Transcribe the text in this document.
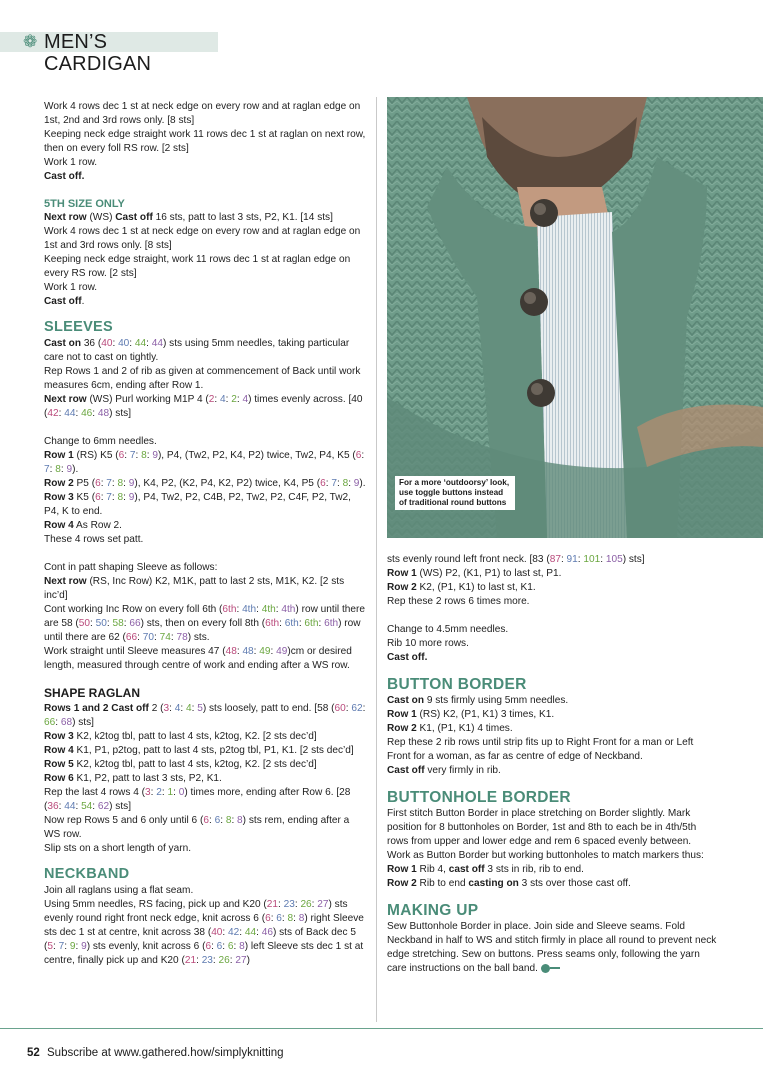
❁ MEN’S CARDIGAN

Work 4 rows dec 1 st at neck edge on every row and at raglan edge on 1st, 2nd and 3rd rows only. [8 sts]

Keeping neck edge straight work 11 rows dec 1 st at raglan on next row, then on every foll RS row. [2 sts]

Work 1 row.

Cast off.

5TH SIZE ONLY

Next row (WS) Cast off 16 sts, patt to last 3 sts, P2, K1. [14 sts]

Work 4 rows dec 1 st at neck edge on every row and at raglan edge on 1st and 3rd rows only. [8 sts]

Keeping neck edge straight, work 11 rows dec 1 st at raglan edge on every RS row. [2 sts]

Work 1 row.

Cast off.

SLEEVES

Cast on 36 (40: 40: 44: 44) sts using 5mm needles, taking particular care not to cast on tightly.

Rep Rows 1 and 2 of rib as given at commencement of Back until work measures 6cm, ending after Row 1.

Next row (WS) Purl working M1P 4 (2: 4: 2: 4) times evenly across. [40 (42: 44: 46: 48) sts]

Change to 6mm needles.

Row 1 (RS) K5 (6: 7: 8: 9), P4, (Tw2, P2, K4, P2) twice, Tw2, P4, K5 (6: 7: 8: 9).

Row 2 P5 (6: 7: 8: 9), K4, P2, (K2, P4, K2, P2) twice, K4, P5 (6: 7: 8: 9).

Row 3 K5 (6: 7: 8: 9), P4, Tw2, P2, C4B, P2, Tw2, P2, C4F, P2, Tw2, P4, K to end.

Row 4 As Row 2.

These 4 rows set patt.

Cont in patt shaping Sleeve as follows:

Next row (RS, Inc Row) K2, M1K, patt to last 2 sts, M1K, K2. [2 sts inc’d]

Cont working Inc Row on every foll 6th (6th: 4th: 4th: 4th) row until there are 58 (50: 50: 58: 66) sts, then on every foll 8th (6th: 6th: 6th: 6th) row until there are 62 (66: 70: 74: 78) sts.

Work straight until Sleeve measures 47 (48: 48: 49: 49)cm or desired length, measured through centre of work and ending after a WS row.

SHAPE RAGLAN

Rows 1 and 2 Cast off 2 (3: 4: 4: 5) sts loosely, patt to end. [58 (60: 62: 66: 68) sts]

Row 3 K2, k2tog tbl, patt to last 4 sts, k2tog, K2. [2 sts dec’d]

Row 4 K1, P1, p2tog, patt to last 4 sts, p2tog tbl, P1, K1. [2 sts dec’d]

Row 5 K2, k2tog tbl, patt to last 4 sts, k2tog, K2. [2 sts dec’d]

Row 6 K1, P2, patt to last 3 sts, P2, K1.

Rep the last 4 rows 4 (3: 2: 1: 0) times more, ending after Row 6. [28 (36: 44: 54: 62) sts]

Now rep Rows 5 and 6 only until 6 (6: 6: 8: 8) sts rem, ending after a WS row.

Slip sts on a short length of yarn.

NECKBAND

Join all raglans using a flat seam.

Using 5mm needles, RS facing, pick up and K20 (21: 23: 26: 27) sts evenly round right front neck edge, knit across 6 (6: 6: 8: 8) right Sleeve sts dec 1 st at centre, knit across 38 (40: 42: 44: 46) sts of Back dec 5 (5: 7: 9: 9) sts evenly, knit across 6 (6: 6: 6: 8) left Sleeve sts dec 1 st at centre, finally pick up and K20 (21: 23: 26: 27)

For a more ‘outdoorsy’ look, use toggle buttons instead of traditional round buttons

sts evenly round left front neck. [83 (87: 91: 101: 105) sts]

Row 1 (WS) P2, (K1, P1) to last st, P1.

Row 2 K2, (P1, K1) to last st, K1.

Rep these 2 rows 6 times more.

Change to 4.5mm needles.

Rib 10 more rows.

Cast off.

BUTTON BORDER

Cast on 9 sts firmly using 5mm needles.

Row 1 (RS) K2, (P1, K1) 3 times, K1.

Row 2 K1, (P1, K1) 4 times.

Rep these 2 rib rows until strip fits up to Right Front for a man or Left Front for a woman, as far as centre of edge of Neckband.

Cast off very firmly in rib.

BUTTONHOLE BORDER

First stitch Button Border in place stretching on Border slightly. Mark position for 8 buttonholes on Border, 1st and 8th to each be in 4th/5th rows from upper and lower edge and rem 6 spaced evenly between.

Work as Button Border but working buttonholes to match markers thus:

Row 1 Rib 4, cast off 3 sts in rib, rib to end.

Row 2 Rib to end casting on 3 sts over those cast off.

MAKING UP

Sew Buttonhole Border in place. Join side and Sleeve seams. Fold Neckband in half to WS and stitch firmly in place all round to prevent neck edge stretching. Sew on buttons. Press seams only, following the yarn care instructions on the ball band.

52 Subscribe at www.gathered.how/simplyknitting
